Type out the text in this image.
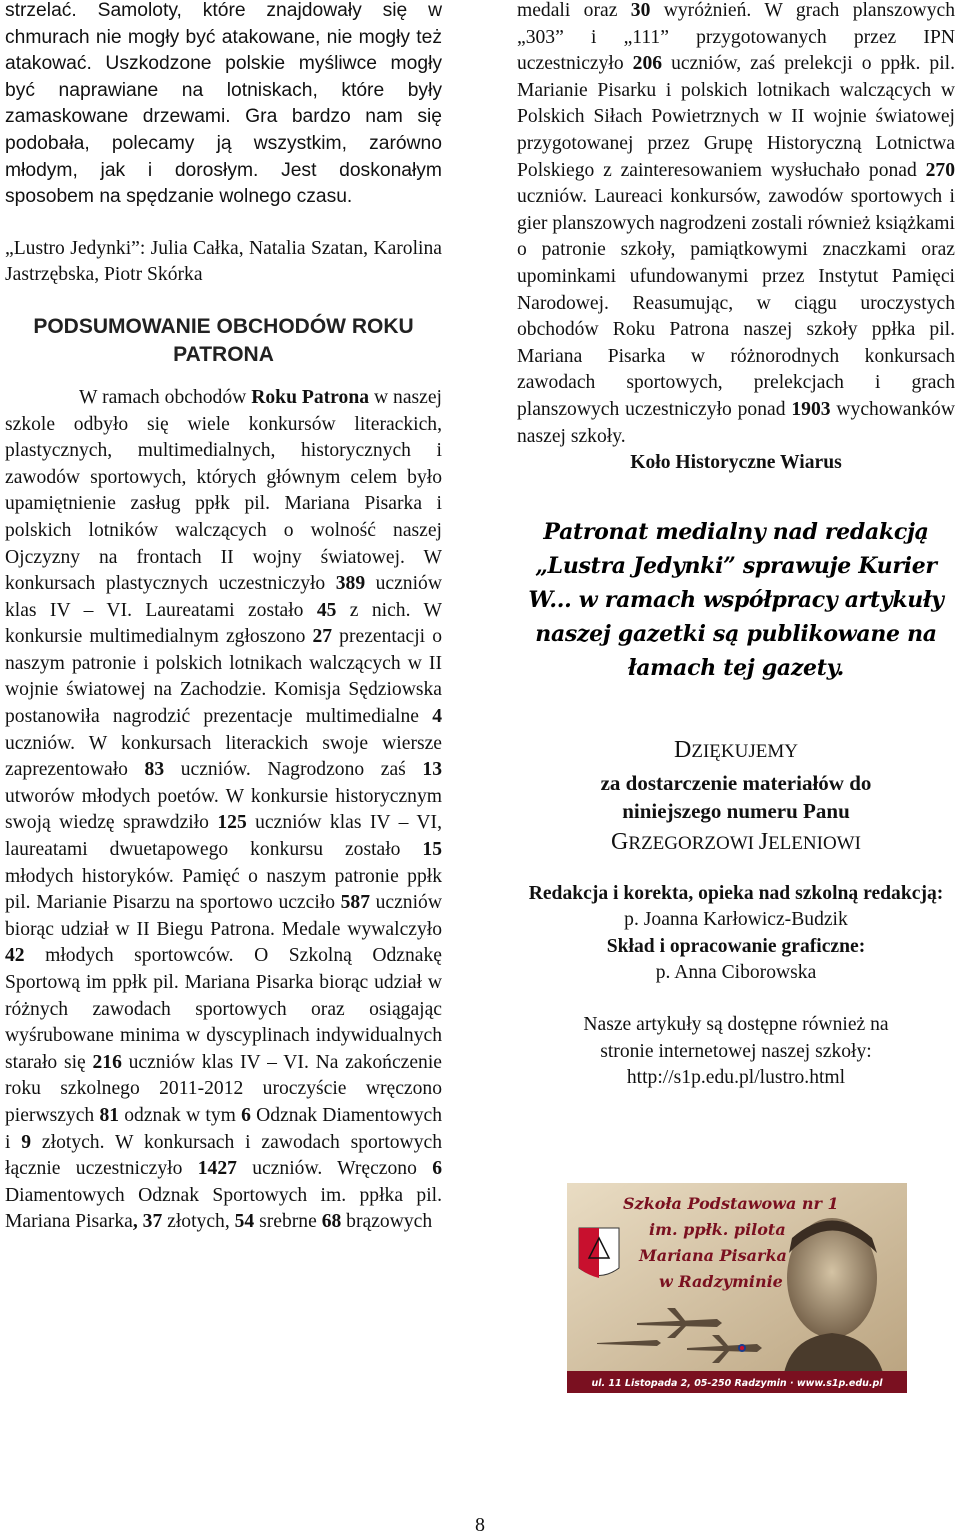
strzelać. Samoloty, które znajdowały się w chmurach nie mogły być atakowane, nie mogły też atakować. Uszkodzone polskie myśliwce mogły być naprawiane na lotniskach, które były zamaskowane drzewami. Gra bardzo nam się podobała, polecamy ją wszystkim, zarówno młodym, jak i dorosłym. Jest doskonałym sposobem na spędzanie wolnego czasu.

„Lustro Jedynki”: Julia Całka, Natalia Szatan, Karolina Jastrzębska, Piotr Skórka

PODSUMOWANIE OBCHODÓW ROKU PATRONA

W ramach obchodów Roku Patrona w naszej szkole odbyło się wiele konkursów literackich, plastycznych, multimedialnych, historycznych i zawodów sportowych, których głównym celem było upamiętnienie zasług ppłk pil. Mariana Pisarka i polskich lotników walczących o wolność naszej Ojczyzny na frontach II wojny światowej. W konkursach plastycznych uczestniczyło 389 uczniów klas IV – VI. Laureatami zostało 45 z nich. W konkursie multimedialnym zgłoszono 27 prezentacji o naszym patronie i polskich lotnikach walczących w II wojnie światowej na Zachodzie. Komisja Sędziowska postanowiła nagrodzić prezentacje multimedialne 4 uczniów. W konkursach literackich swoje wiersze zaprezentowało 83 uczniów. Nagrodzono zaś 13 utworów młodych poetów. W konkursie historycznym swoją wiedzę sprawdziło 125 uczniów klas IV – VI, laureatami dwuetapowego konkursu zostało 15 młodych historyków. Pamięć o naszym patronie ppłk pil. Marianie Pisarzu na sportowo uczciło 587 uczniów biorąc udział w II Biegu Patrona. Medale wywalczyło 42 młodych sportowców. O Szkolną Odznakę Sportową im ppłk pil. Mariana Pisarka biorąc udział w różnych zawodach sportowych oraz osiągając wyśrubowane minima w dyscyplinach indywidualnych starało się 216 uczniów klas IV – VI. Na zakończenie roku szkolnego 2011-2012 uroczyście wręczono pierwszych 81 odznak w tym 6 Odznak Diamentowych i 9 złotych. W konkursach i zawodach sportowych łącznie uczestniczyło 1427 uczniów. Wręczono 6 Diamentowych Odznak Sportowych im. ppłka pil. Mariana Pisarka, 37 złotych, 54 srebrne 68 brązowych

medali oraz 30 wyróżnień. W grach planszowych „303” i „111” przygotowanych przez IPN uczestniczyło 206 uczniów, zaś prelekcji o ppłk. pil. Marianie Pisarku i polskich lotnikach walczących w Polskich Siłach Powietrznych w II wojnie światowej przygotowanej przez Grupę Historyczną Lotnictwa Polskiego z zainteresowaniem wysłuchało ponad 270 uczniów. Laureaci konkursów, zawodów sportowych i gier planszowych nagrodzeni zostali również książkami o patronie szkoły, pamiątkowymi znaczkami oraz upominkami ufundowanymi przez Instytut Pamięci Narodowej. Reasumując, w ciągu uroczystych obchodów Roku Patrona naszej szkoły ppłka pil. Mariana Pisarka w różnorodnych konkursach zawodach sportowych, prelekcjach i grach planszowych uczestniczyło ponad 1903 wychowanków naszej szkoły.

Koło Historyczne Wiarus

Patronat medialny nad redakcją „Lustra Jedynki” sprawuje Kurier W... w ramach współpracy artykuły naszej gazetki są publikowane na łamach tej gazety.

DZIĘKUJEMY
za dostarczenie materiałów do niniejszego numeru Panu
GRZEGORZOWI JELENIOWI
Redakcja i korekta, opieka nad szkolną redakcją:
p. Joanna Karłowicz-Budzik
Skład i opracowanie graficzne:
p. Anna Ciborowska
Nasze artykuły są dostępne również na stronie internetowej naszej szkoły:
http://s1p.edu.pl/lustro.html
Szkoła Podstawowa nr 1
im. ppłk. pilota
Mariana Pisarka
w Radzyminie
ul. 11 Listopada 2, 05-250 Radzymin · www.s1p.edu.pl
8
